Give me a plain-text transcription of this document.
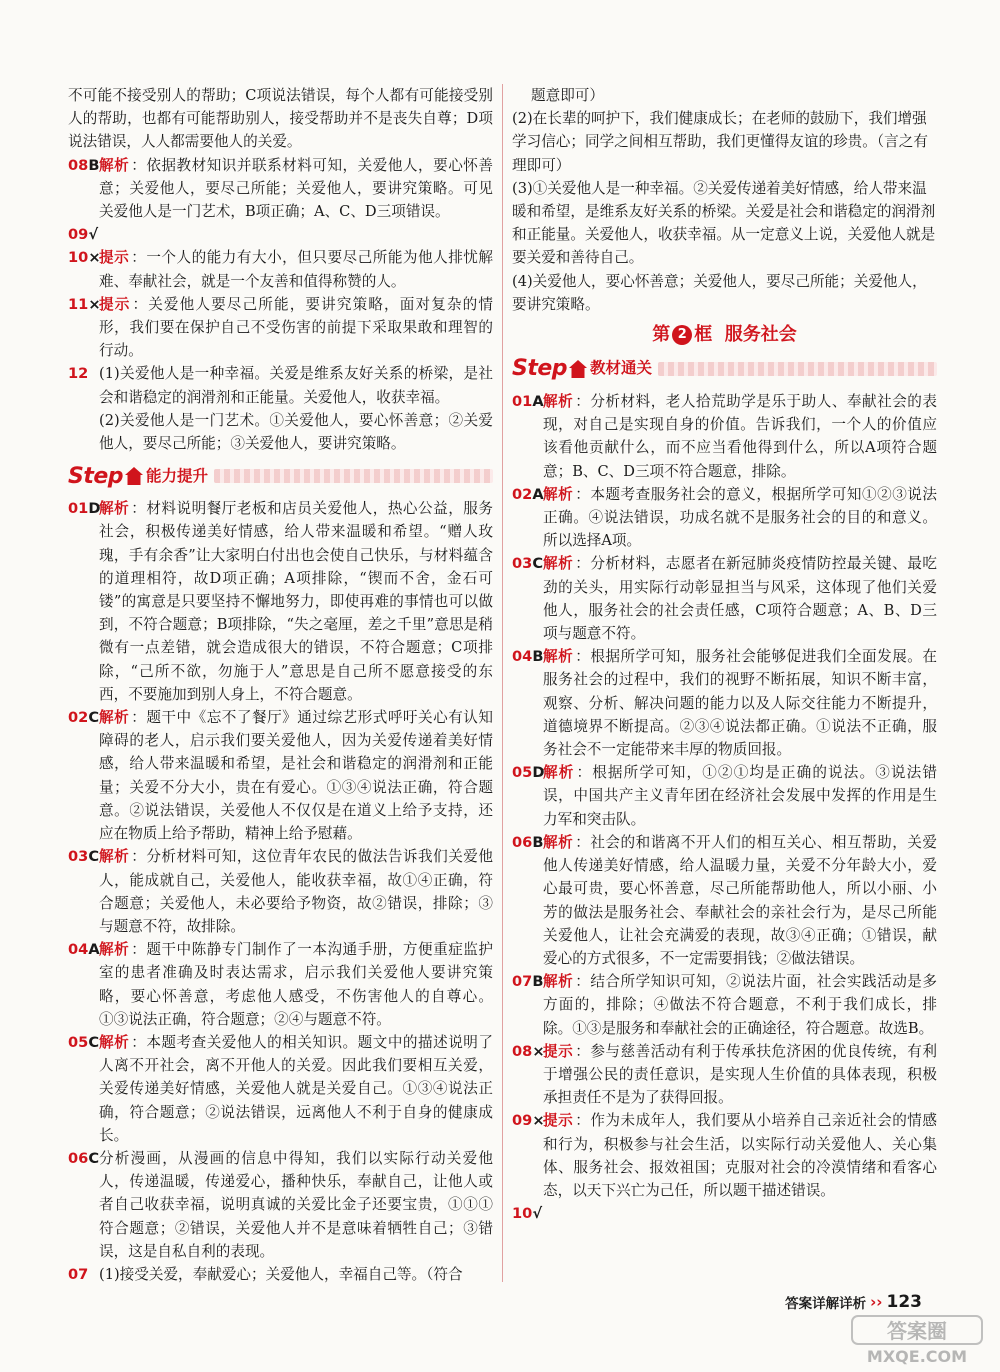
不可能不接受别人的帮助；C项说法错误，每个人都有可能接受别人的帮助，也都有可能帮助别人，接受帮助并不是丧失自尊；D项说法错误，人人都需要他人的关爱。
08B 解析 ：依据教材知识并联系材料可知，关爱他人，要心怀善意；关爱他人，要尽己所能；关爱他人，要讲究策略。可见关爱他人是一门艺术，B项正确；A、C、D三项错误。
09√

10×
提示 ：一个人的能力有大小，但只要尽己所能为他人排忧解难、奉献社会，就是一个友善和值得称赞的人。
11×
提示 ：关爱他人要尽己所能，要讲究策略，面对复杂的情形，我们要在保护自己不受伤害的前提下采取果敢和理智的行动。
12 (1)关爱他人是一种幸福。关爱是维系友好关系的桥梁，是社会和谐稳定的润滑剂和正能量。关爱他人，收获幸福。
(2)关爱他人是一门艺术。①关爱他人，要心怀善意；②关爱他人，要尽己所能；③关爱他人，要讲究策略。
Step 能力提升
01D
解析 ：材料说明餐厅老板和店员关爱他人，热心公益，服务社会，积极传递美好情感，给人带来温暖和希望。“赠人玫瑰，手有余香”让大家明白付出也会使自己快乐，与材料蕴含的道理相符，故D项正确；A项排除，“锲而不舍，金石可镂”的寓意是只要坚持不懈地努力，即使再难的事情也可以做到，不符合题意；B项排除，“失之毫厘，差之千里”意思是稍微有一点差错，就会造成很大的错误，不符合题意；C项排除，“己所不欲，勿施于人”意思是自己所不愿意接受的东西，不要施加到别人身上，不符合题意。
02C 解析 ：题干中《忘不了餐厅》通过综艺形式呼吁关心有认知障碍的老人，启示我们要关爱他人，因为关爱传递着美好情感，给人带来温暖和希望，是社会和谐稳定的润滑剂和正能量；关爱不分大小，贵在有爱心。①③④说法正确，符合题意。②说法错误，关爱他人不仅仅是在道义上给予支持，还应在物质上给予帮助，精神上给予慰藉。
03C 解析 ：分析材料可知，这位青年农民的做法告诉我们关爱他人，能成就自己，关爱他人，能收获幸福，故①④正确，符合题意；关爱他人，未必要给予物资，故②错误，排除；③与题意不符，故排除。
04A 解析 ：题干中陈静专门制作了一本沟通手册，方便重症监护室的患者准确及时表达需求，启示我们关爱他人要讲究策略，要心怀善意，考虑他人感受，不伤害他人的自尊心。①③说法正确，符合题意；②④与题意不符。
05C 解析 ：本题考查关爱他人的相关知识。题文中的描述说明了人离不开社会，离不开他人的关爱。因此我们要相互关爱，关爱传递美好情感，关爱他人就是关爱自己。①③④说法正确，符合题意；②说法错误，远离他人不利于自身的健康成长。
06C 分析漫画，从漫画的信息中得知，我们以实际行动关爱他人，传递温暖，传递爱心，播种快乐，奉献自己，让他人或者自己收获幸福，说明真诚的关爱比金子还要宝贵，①①①符合题意；②错误，关爱他人并不是意味着牺牲自己；③错误，这是自私自利的表现。
07 (1)接受关爱，奉献爱心；关爱他人，幸福自己等。（符合
题意即可）
(2)在长辈的呵护下，我们健康成长；在老师的鼓励下，我们增强学习信心；同学之间相互帮助，我们更懂得友谊的珍贵。（言之有理即可）
(3)①关爱他人是一种幸福。②关爱传递着美好情感，给人带来温暖和希望，是维系友好关系的桥梁。关爱是社会和谐稳定的润滑剂和正能量。关爱他人，收获幸福。从一定意义上说，关爱他人就是要关爱和善待自己。
(4)关爱他人，要心怀善意；关爱他人，要尽己所能；关爱他人，要讲究策略。
第 2 框  服务社会
Step 教材通关
01A 解析 ：分析材料，老人拾荒助学是乐于助人、奉献社会的表现，对自己是实现自身的价值。告诉我们，一个人的价值应该看他贡献什么，而不应当看他得到什么，所以A项符合题意；B、C、D三项不符合题意，排除。
02A 解析 ：本题考查服务社会的意义，根据所学可知①②③说法正确。④说法错误，功成名就不是服务社会的目的和意义。所以选择A项。
03C 解析 ：分析材料，志愿者在新冠肺炎疫情防控最关键、最吃劲的关头，用实际行动彰显担当与风采，这体现了他们关爱他人，服务社会的社会责任感，C项符合题意；A、B、D三项与题意不符。
04B 解析 ：根据所学可知，服务社会能够促进我们全面发展。在服务社会的过程中，我们的视野不断拓展，知识不断丰富，观察、分析、解决问题的能力以及人际交往能力不断提升，道德境界不断提高。②③④说法都正确。①说法不正确，服务社会不一定能带来丰厚的物质回报。
05D
解析 ：根据所学可知，①②①均是正确的说法。③说法错误，中国共产主义青年团在经济社会发展中发挥的作用是生力军和突击队。
06B 解析 ：社会的和谐离不开人们的相互关心、相互帮助，关爱他人传递美好情感，给人温暖力量，关爱不分年龄大小，爱心最可贵，要心怀善意，尽己所能帮助他人，所以小丽、小芳的做法是服务社会、奉献社会的亲社会行为，是尽己所能关爱他人，让社会充满爱的表现，故③④正确；①错误，献爱心的方式很多，不一定需要捐钱；②做法错误。
07B 解析 ：结合所学知识可知，②说法片面，社会实践活动是多方面的，排除；④做法不符合题意，不利于我们成长，排除。①③是服务和奉献社会的正确途径，符合题意。故选B。
08×
提示 ：参与慈善活动有利于传承扶危济困的优良传统，有利于增强公民的责任意识，是实现人生价值的具体表现，积极承担责任不是为了获得回报。
09×
提示 ：作为未成年人，我们要从小培养自己亲近社会的情感和行为，积极参与社会生活，以实际行动关爱他人、关心集体、服务社会、报效祖国；克服对社会的冷漠情绪和看客心态，以天下兴亡为己任，所以题干描述错误。
10√

答案详解详析 ›› 123
答案圈
MXQE.COM
